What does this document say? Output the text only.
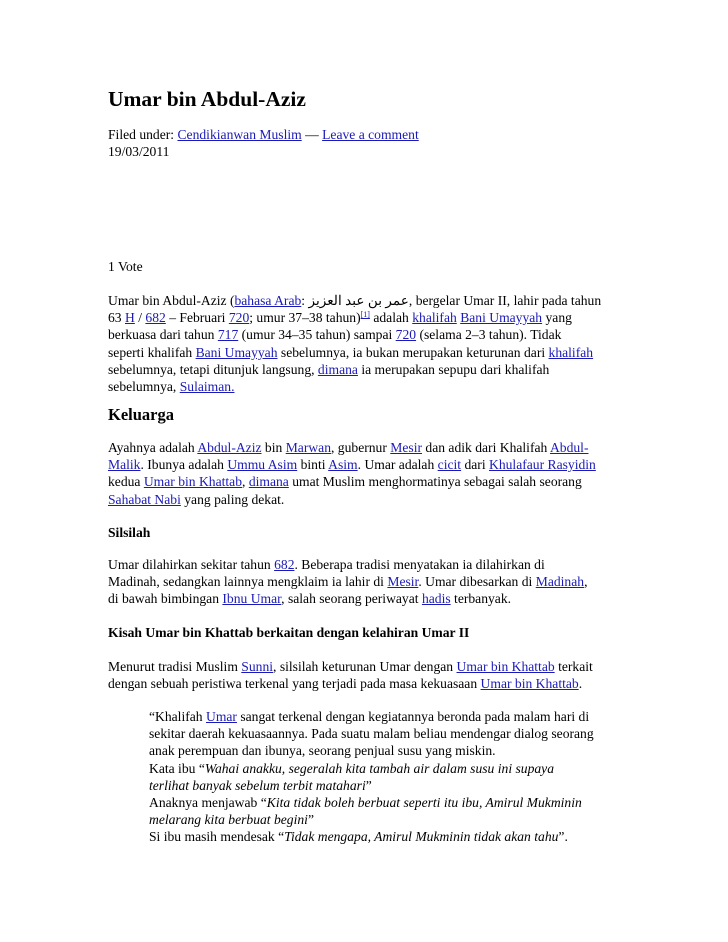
Umar bin Abdul-Aziz
Filed under: Cendikianwan Muslim — Leave a comment
19/03/2011
1 Vote
Umar bin Abdul-Aziz (bahasa Arab: عمر بن عبد العزيز, bergelar Umar II, lahir pada tahun
63 H / 682 – Februari 720; umur 37–38 tahun)[1] adalah khalifah Bani Umayyah yang
berkuasa dari tahun 717 (umur 34–35 tahun) sampai 720 (selama 2–3 tahun). Tidak
seperti khalifah Bani Umayyah sebelumnya, ia bukan merupakan keturunan dari khalifah
sebelumnya, tetapi ditunjuk langsung, dimana ia merupakan sepupu dari khalifah
sebelumnya, Sulaiman.
Keluarga
Ayahnya adalah Abdul-Aziz bin Marwan, gubernur Mesir dan adik dari Khalifah Abdul-
Malik. Ibunya adalah Ummu Asim binti Asim. Umar adalah cicit dari Khulafaur Rasyidin
kedua Umar bin Khattab, dimana umat Muslim menghormatinya sebagai salah seorang
Sahabat Nabi yang paling dekat.
Silsilah
Umar dilahirkan sekitar tahun 682. Beberapa tradisi menyatakan ia dilahirkan di
Madinah, sedangkan lainnya mengklaim ia lahir di Mesir. Umar dibesarkan di Madinah,
di bawah bimbingan Ibnu Umar, salah seorang periwayat hadis terbanyak.
Kisah Umar bin Khattab berkaitan dengan kelahiran Umar II
Menurut tradisi Muslim Sunni, silsilah keturunan Umar dengan Umar bin Khattab terkait
dengan sebuah peristiwa terkenal yang terjadi pada masa kekuasaan Umar bin Khattab.
“Khalifah Umar sangat terkenal dengan kegiatannya beronda pada malam hari di
sekitar daerah kekuasaannya. Pada suatu malam beliau mendengar dialog seorang
anak perempuan dan ibunya, seorang penjual susu yang miskin.
Kata ibu “Wahai anakku, segeralah kita tambah air dalam susu ini supaya
terlihat banyak sebelum terbit matahari”
Anaknya menjawab “Kita tidak boleh berbuat seperti itu ibu, Amirul Mukminin
melarang kita berbuat begini”
Si ibu masih mendesak “Tidak mengapa, Amirul Mukminin tidak akan tahu”.
